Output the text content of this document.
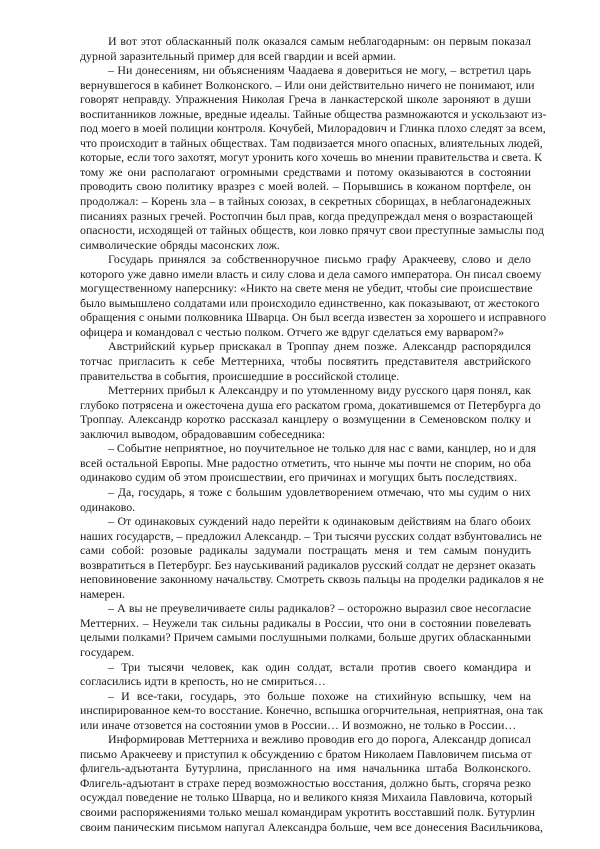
И вот этот обласканный полк оказался самым неблагодарным: он первым показал
дурной заразительный пример для всей гвардии и всей армии.
– Ни донесениям, ни объяснениям Чаадаева я довериться не могу, – встретил царь
вернувшегося в кабинет Волконского. – Или они действительно ничего не понимают, или
говорят неправду. Упражнения Николая Греча в ланкастерской школе зароняют в души
воспитанников ложные, вредные идеалы. Тайные общества размножаются и ускользают из-
под моего в моей полиции контроля. Кочубей, Милорадович и Глинка плохо следят за всем,
что происходит в тайных обществах. Там подвизается много опасных, влиятельных людей,
которые, если того захотят, могут уронить кого хочешь во мнении правительства и света. К
тому же они располагают огромными средствами и потому оказываются в состоянии
проводить свою политику вразрез с моей волей. – Порывшись в кожаном портфеле, он
продолжал: – Корень зла – в тайных союзах, в секретных сборищах, в неблагонадежных
писаниях разных гречей. Ростопчин был прав, когда предупреждал меня о возрастающей
опасности, исходящей от тайных обществ, кои ловко прячут свои преступные замыслы под
символические обряды масонских лож.
Государь принялся за собственноручное письмо графу Аракчееву, слово и дело
которого уже давно имели власть и силу слова и дела самого императора. Он писал своему
могущественному наперснику: «Никто на свете меня не убедит, чтобы сие происшествие
было вымышлено солдатами или происходило единственно, как показывают, от жестокого
обращения с оными полковника Шварца. Он был всегда известен за хорошего и исправного
офицера и командовал с честью полком. Отчего же вдруг сделаться ему варваром?»
Австрийский курьер прискакал в Троппау днем позже. Александр распорядился
тотчас пригласить к себе Меттерниха, чтобы посвятить представителя австрийского
правительства в события, происшедшие в российской столице.
Меттерних прибыл к Александру и по утомленному виду русского царя понял, как
глубоко потрясена и ожесточена душа его раскатом грома, докатившемся от Петербурга до
Троппау. Александр коротко рассказал канцлеру о возмущении в Семеновском полку и
заключил выводом, обрадовавшим собеседника:
– Событие неприятное, но поучительное не только для нас с вами, канцлер, но и для
всей остальной Европы. Мне радостно отметить, что нынче мы почти не спорим, но оба
одинаково судим об этом происшествии, его причинах и могущих быть последствиях.
– Да, государь, я тоже с большим удовлетворением отмечаю, что мы судим о них
одинаково.
– От одинаковых суждений надо перейти к одинаковым действиям на благо обоих
наших государств, – предложил Александр. – Три тысячи русских солдат взбунтовались не
сами собой: розовые радикалы задумали постращать меня и тем самым понудить
возвратиться в Петербург. Без науськиваний радикалов русский солдат не дерзнет оказать
неповиновение законному начальству. Смотреть сквозь пальцы на проделки радикалов я не
намерен.
– А вы не преувеличиваете силы радикалов? – осторожно выразил свое несогласие
Меттерних. – Неужели так сильны радикалы в России, что они в состоянии повелевать
целыми полками? Причем самыми послушными полками, больше других обласканными
государем.
– Три тысячи человек, как один солдат, встали против своего командира и
согласились идти в крепость, но не смириться…
– И все-таки, государь, это больше похоже на стихийную вспышку, чем на
инспирированное кем-то восстание. Конечно, вспышка огорчительная, неприятная, она так
или иначе отзовется на состоянии умов в России… И возможно, не только в России…
Информировав Меттерниха и вежливо проводив его до порога, Александр дописал
письмо Аракчееву и приступил к обсуждению с братом Николаем Павловичем письма от
флигель-адъютанта Бутурлина, присланного на имя начальника штаба Волконского.
Флигель-адъютант в страхе перед возможностью восстания, должно быть, сгоряча резко
осуждал поведение не только Шварца, но и великого князя Михаила Павловича, который
своими распоряжениями только мешал командирам укротить восставший полк. Бутурлин
своим паническим письмом напугал Александра больше, чем все донесения Васильчикова,
